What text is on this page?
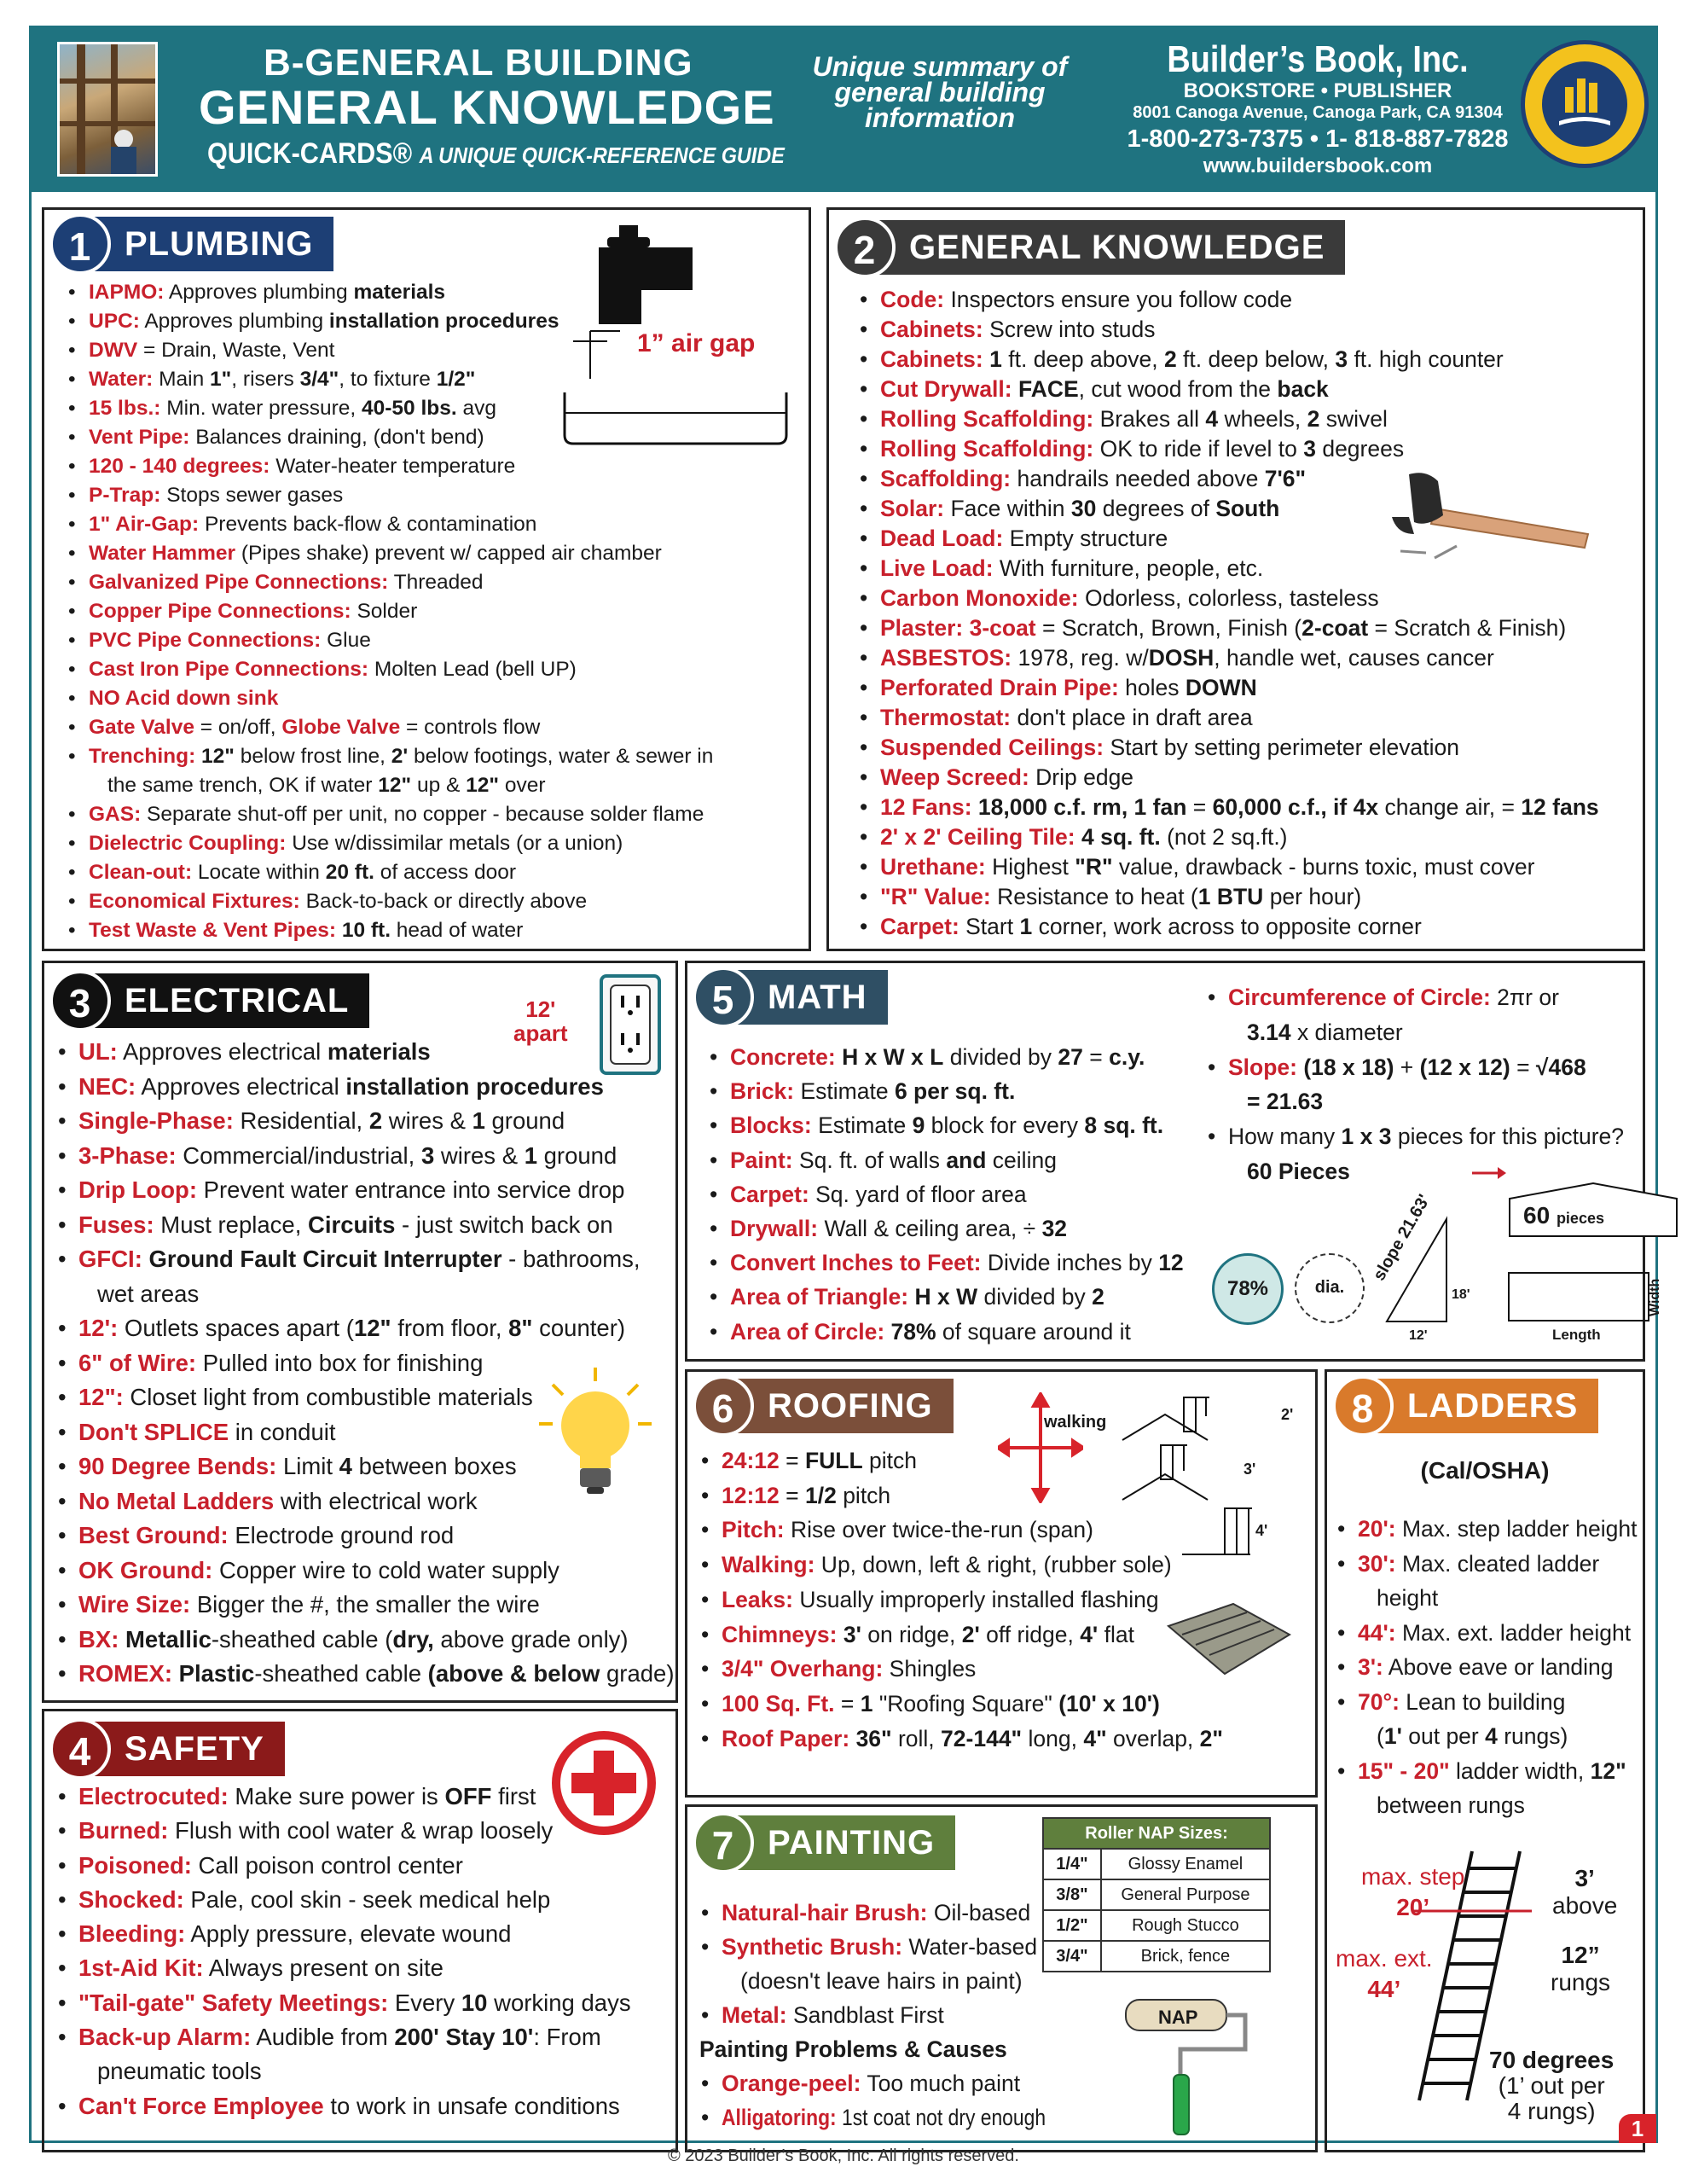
B-GENERAL BUILDING
GENERAL KNOWLEDGE
QUICK-CARDS® A UNIQUE QUICK-REFERENCE GUIDE
Unique summary of
general building
information
Builder’s Book, Inc.
BOOKSTORE • PUBLISHER
8001 Canoga Avenue, Canoga Park, CA 91304
1-800-273-7375 • 1- 818-887-7828
www.buildersbook.com
PLUMBING
1
• IAPMO: Approves plumbing materials
• UPC: Approves plumbing installation procedures
• DWV = Drain, Waste, Vent
• Water: Main 1", risers 3/4", to fixture 1/2"
• 15 lbs.: Min. water pressure, 40-50 lbs. avg
• Vent Pipe: Balances draining, (don't bend)
• 120 - 140 degrees: Water-heater temperature
• P-Trap: Stops sewer gases
• 1" Air-Gap: Prevents back-flow & contamination
• Water Hammer (Pipes shake) prevent w/ capped air chamber
• Galvanized Pipe Connections: Threaded
• Copper Pipe Connections: Solder
• PVC Pipe Connections: Glue
• Cast Iron Pipe Connections: Molten Lead (bell UP)
• NO Acid down sink
• Gate Valve = on/off, Globe Valve = controls flow
• Trenching: 12" below frost line, 2' below footings, water & sewer in
the same trench, OK if water 12" up & 12" over
• GAS: Separate shut-off per unit, no copper - because solder flame
• Dielectric Coupling: Use w/dissimilar metals (or a union)
• Clean-out: Locate within 20 ft. of access door
• Economical Fixtures: Back-to-back or directly above
• Test Waste & Vent Pipes: 10 ft. head of water
1” air gap
GENERAL KNOWLEDGE
2
• Code: Inspectors ensure you follow code
• Cabinets: Screw into studs
• Cabinets: 1 ft. deep above, 2 ft. deep below, 3 ft. high counter
• Cut Drywall: FACE, cut wood from the back
• Rolling Scaffolding: Brakes all 4 wheels, 2 swivel
• Rolling Scaffolding: OK to ride if level to 3 degrees
• Scaffolding: handrails needed above 7'6"
• Solar: Face within 30 degrees of South
• Dead Load: Empty structure
• Live Load: With furniture, people, etc.
• Carbon Monoxide: Odorless, colorless, tasteless
• Plaster: 3-coat = Scratch, Brown, Finish (2-coat = Scratch & Finish)
• ASBESTOS: 1978, reg. w/DOSH, handle wet, causes cancer
• Perforated Drain Pipe: holes DOWN
• Thermostat: don't place in draft area
• Suspended Ceilings: Start by setting perimeter elevation
• Weep Screed: Drip edge
• 12 Fans: 18,000 c.f. rm, 1 fan = 60,000 c.f., if 4x change air, = 12 fans
• 2' x 2' Ceiling Tile: 4 sq. ft. (not 2 sq.ft.)
• Urethane: Highest "R" value, drawback - burns toxic, must cover
• "R" Value: Resistance to heat (1 BTU per hour)
• Carpet: Start 1 corner, work across to opposite corner
ELECTRICAL
3	12'
apart
• UL: Approves electrical materials
• NEC: Approves electrical installation procedures
• Single-Phase: Residential, 2 wires & 1 ground
• 3-Phase: Commercial/industrial, 3 wires & 1 ground
• Drip Loop: Prevent water entrance into service drop
• Fuses: Must replace, Circuits - just switch back on
• GFCI: Ground Fault Circuit Interrupter - bathrooms,
wet areas
• 12': Outlets spaces apart (12" from floor, 8" counter)
• 6" of Wire: Pulled into box for finishing
• 12": Closet light from combustible materials
• Don't SPLICE in conduit
• 90 Degree Bends: Limit 4 between boxes
• No Metal Ladders with electrical work
• Best Ground: Electrode ground rod
• OK Ground: Copper wire to cold water supply
• Wire Size: Bigger the #, the smaller the wire
• BX: Metallic-sheathed cable (dry, above grade only)
• ROMEX: Plastic-sheathed cable (above & below grade)
SAFETY
4
• Electrocuted: Make sure power is OFF first
• Burned: Flush with cool water & wrap loosely
• Poisoned: Call poison control center
• Shocked: Pale, cool skin - seek medical help
• Bleeding: Apply pressure, elevate wound
• 1st-Aid Kit: Always present on site
• "Tail-gate" Safety Meetings: Every 10 working days
• Back-up Alarm: Audible from 200' Stay 10': From
pneumatic tools
• Can't Force Employee to work in unsafe conditions
MATH
5
• Concrete: H x W x L divided by 27 = c.y.
• Brick: Estimate 6 per sq. ft.
• Blocks: Estimate 9 block for every 8 sq. ft.
• Paint: Sq. ft. of walls and ceiling
• Carpet: Sq. yard of floor area
• Drywall: Wall & ceiling area, ÷ 32
• Convert Inches to Feet: Divide inches by 12
• Area of Triangle: H x W divided by 2
• Area of Circle: 78% of square around it
• Circumference of Circle: 2πr or
3.14 x diameter
• Slope: (18 x 18) + (12 x 12) = √468
= 21.63
• How many 1 x 3 pieces for this picture?
60 Pieces
78%	dia.
slope 21.63'
18'
12'
60 pieces
Length
Width
ROOFING
6	walking	2'
3'
4'
• 24:12 = FULL pitch
• 12:12 = 1/2 pitch
• Pitch: Rise over twice-the-run (span)
• Walking: Up, down, left & right, (rubber sole)
• Leaks: Usually improperly installed flashing
• Chimneys: 3' on ridge, 2' off ridge, 4' flat
• 3/4" Overhang: Shingles
• 100 Sq. Ft. = 1 "Roofing Square" (10' x 10')
• Roof Paper: 36" roll, 72-144" long, 4" overlap, 2"
PAINTING
7	Roller NAP Sizes:	
1/4"	Glossy Enamel
3/8"	General Purpose
1/2"	Rough Stucco
3/4"	Brick, fence
• Natural-hair Brush: Oil-based
• Synthetic Brush: Water-based
(doesn't leave hairs in paint)
• Metal: Sandblast First
Painting Problems & Causes
• Orange-peel: Too much paint
• Alligatoring: 1st coat not dry enough
NAP
LADDERS
8
(Cal/OSHA)
• 20': Max. step ladder height
• 30': Max. cleated ladder
height
• 44': Max. ext. ladder height
• 3': Above eave or landing
• 70°: Lean to building
(1' out per 4 rungs)
• 15" - 20" ladder width, 12"
between rungs
max. step
20’
max. ext.
44’
3’
above
12”
rungs
70 degrees
(1’ out per
4 rungs)
1
© 2023 Builder’s Book, Inc. All rights reserved.
